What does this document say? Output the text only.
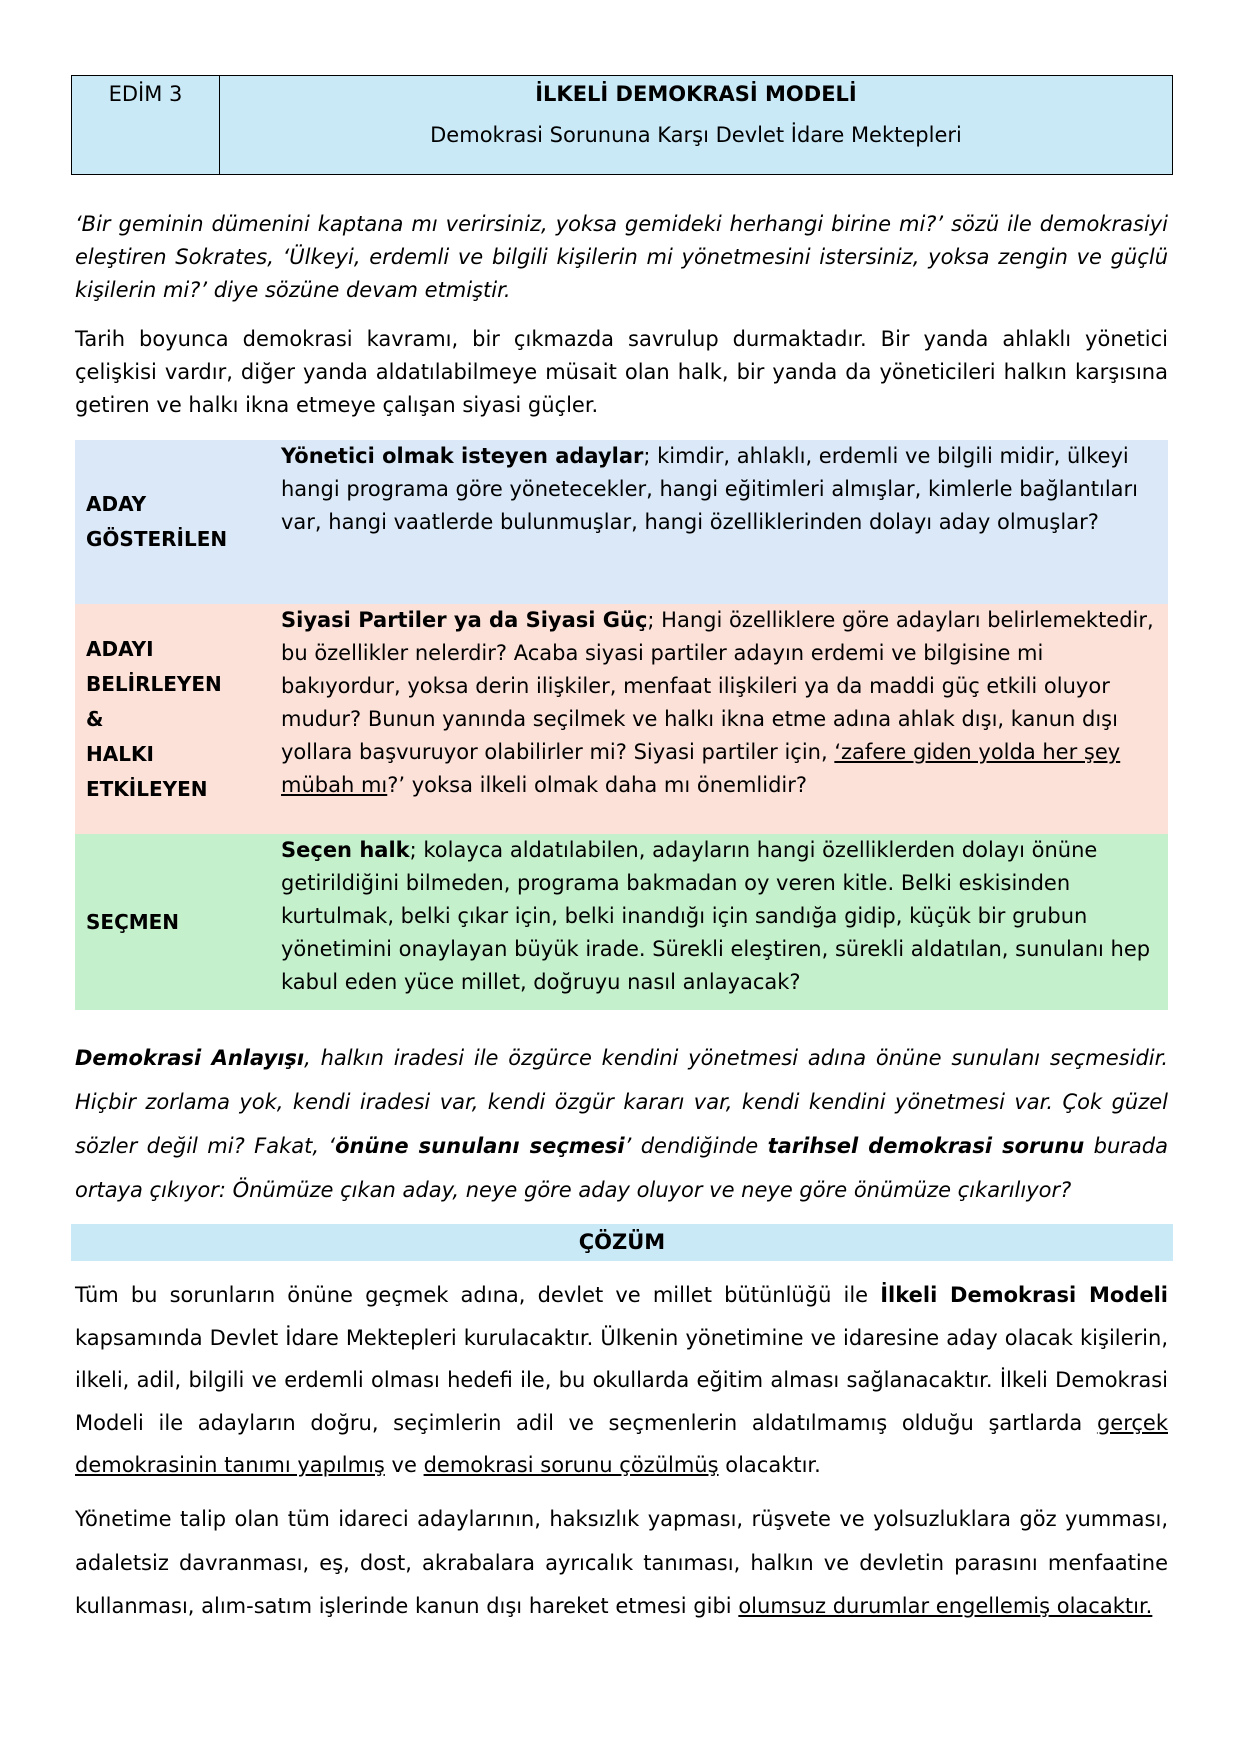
EDİM 3	İLKELİ DEMOKRASİ MODELİ
Demokrasi Sorununa Karşı Devlet İdare Mektepleri
‘Bir geminin dümenini kaptana mı verirsiniz, yoksa gemideki herhangi birine mi?’ sözü ile demokrasiyi eleştiren Sokrates, ‘Ülkeyi, erdemli ve bilgili kişilerin mi yönetmesini istersiniz, yoksa zengin ve güçlü kişilerin mi?’ diye sözüne devam etmiştir.
Tarih boyunca demokrasi kavramı, bir çıkmazda savrulup durmaktadır. Bir yanda ahlaklı yönetici çelişkisi vardır, diğer yanda aldatılabilmeye müsait olan halk, bir yanda da yöneticileri halkın karşısına getiren ve halkı ikna etmeye çalışan siyasi güçler.
ADAY
GÖSTERİLEN
Yönetici olmak isteyen adaylar; kimdir, ahlaklı, erdemli ve bilgili midir, ülkeyi hangi programa göre yönetecekler, hangi eğitimleri almışlar, kimlerle bağlantıları var, hangi vaatlerde bulunmuşlar, hangi özelliklerinden dolayı aday olmuşlar?
ADAYI
BELİRLEYEN
&
HALKI
ETKİLEYEN
Siyasi Partiler ya da Siyasi Güç; Hangi özelliklere göre adayları belirlemektedir, bu özellikler nelerdir? Acaba siyasi partiler adayın erdemi ve bilgisine mi bakıyordur, yoksa derin ilişkiler, menfaat ilişkileri ya da maddi güç etkili oluyor mudur? Bunun yanında seçilmek ve halkı ikna etme adına ahlak dışı, kanun dışı yollara başvuruyor olabilirler mi? Siyasi partiler için, ‘zafere giden yolda her şey mübah mı?’ yoksa ilkeli olmak daha mı önemlidir?
SEÇMEN
Seçen halk; kolayca aldatılabilen, adayların hangi özelliklerden dolayı önüne getirildiğini bilmeden, programa bakmadan oy veren kitle. Belki eskisinden kurtulmak, belki çıkar için, belki inandığı için sandığa gidip, küçük bir grubun yönetimini onaylayan büyük irade. Sürekli eleştiren, sürekli aldatılan, sunulanı hep kabul eden yüce millet, doğruyu nasıl anlayacak?
Demokrasi Anlayışı, halkın iradesi ile özgürce kendini yönetmesi adına önüne sunulanı seçmesidir. Hiçbir zorlama yok, kendi iradesi var, kendi özgür kararı var, kendi kendini yönetmesi var. Çok güzel sözler değil mi? Fakat, ‘önüne sunulanı seçmesi’ dendiğinde tarihsel demokrasi sorunu burada ortaya çıkıyor: Önümüze çıkan aday, neye göre aday oluyor ve neye göre önümüze çıkarılıyor?
ÇÖZÜM
Tüm bu sorunların önüne geçmek adına, devlet ve millet bütünlüğü ile İlkeli Demokrasi Modeli kapsamında Devlet İdare Mektepleri kurulacaktır. Ülkenin yönetimine ve idaresine aday olacak kişilerin, ilkeli, adil, bilgili ve erdemli olması hedefi ile, bu okullarda eğitim alması sağlanacaktır. İlkeli Demokrasi Modeli ile adayların doğru, seçimlerin adil ve seçmenlerin aldatılmamış olduğu şartlarda gerçek demokrasinin tanımı yapılmış ve demokrasi sorunu çözülmüş olacaktır.
Yönetime talip olan tüm idareci adaylarının, haksızlık yapması, rüşvete ve yolsuzluklara göz yumması, adaletsiz davranması, eş, dost, akrabalara ayrıcalık tanıması, halkın ve devletin parasını menfaatine kullanması, alım-satım işlerinde kanun dışı hareket etmesi gibi olumsuz durumlar engellemiş olacaktır.
